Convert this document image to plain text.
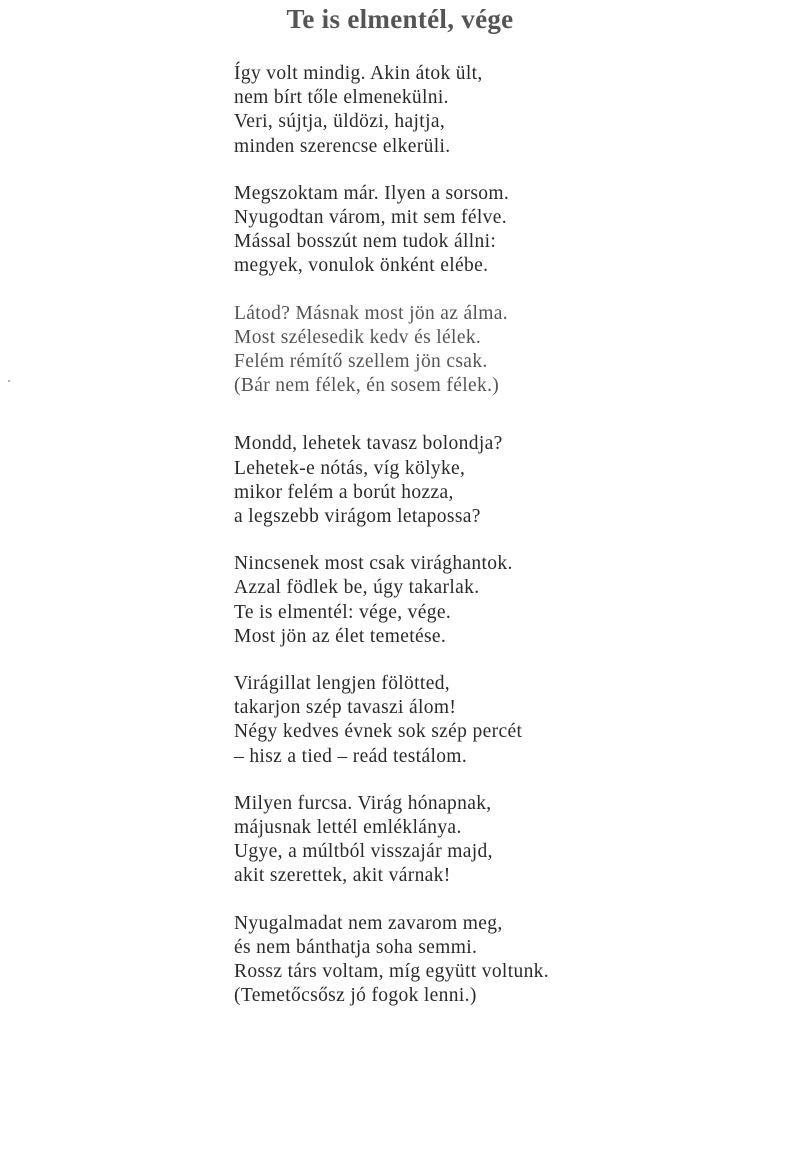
Te is elmentél, vége
Így volt mindig. Akin átok ült,
nem bírt tőle elmenekülni.
Veri, sújtja, üldözi, hajtja,
minden szerencse elkerüli.
Megszoktam már. Ilyen a sorsom.
Nyugodtan várom, mit sem félve.
Mással bosszút nem tudok állni:
megyek, vonulok önként elébe.
Látod? Másnak most jön az álma.
Most szélesedik kedv és lélek.
Felém rémítő szellem jön csak.
(Bár nem félek, én sosem félek.)
Mondd, lehetek tavasz bolondja?
Lehetek-e nótás, víg kölyke,
mikor felém a borút hozza,
a legszebb virágom letapossa?
Nincsenek most csak virághantok.
Azzal födlek be, úgy takarlak.
Te is elmentél: vége, vége.
Most jön az élet temetése.
Virágillat lengjen fölötted,
takarjon szép tavaszi álom!
Négy kedves évnek sok szép percét
– hisz a tied – reád testálom.
Milyen furcsa. Virág hónapnak,
májusnak lettél emléklánya.
Ugye, a múltból visszajár majd,
akit szerettek, akit várnak!
Nyugalmadat nem zavarom meg,
és nem bánthatja soha semmi.
Rossz társ voltam, míg együtt voltunk.
(Temetőcsősz jó fogok lenni.)
